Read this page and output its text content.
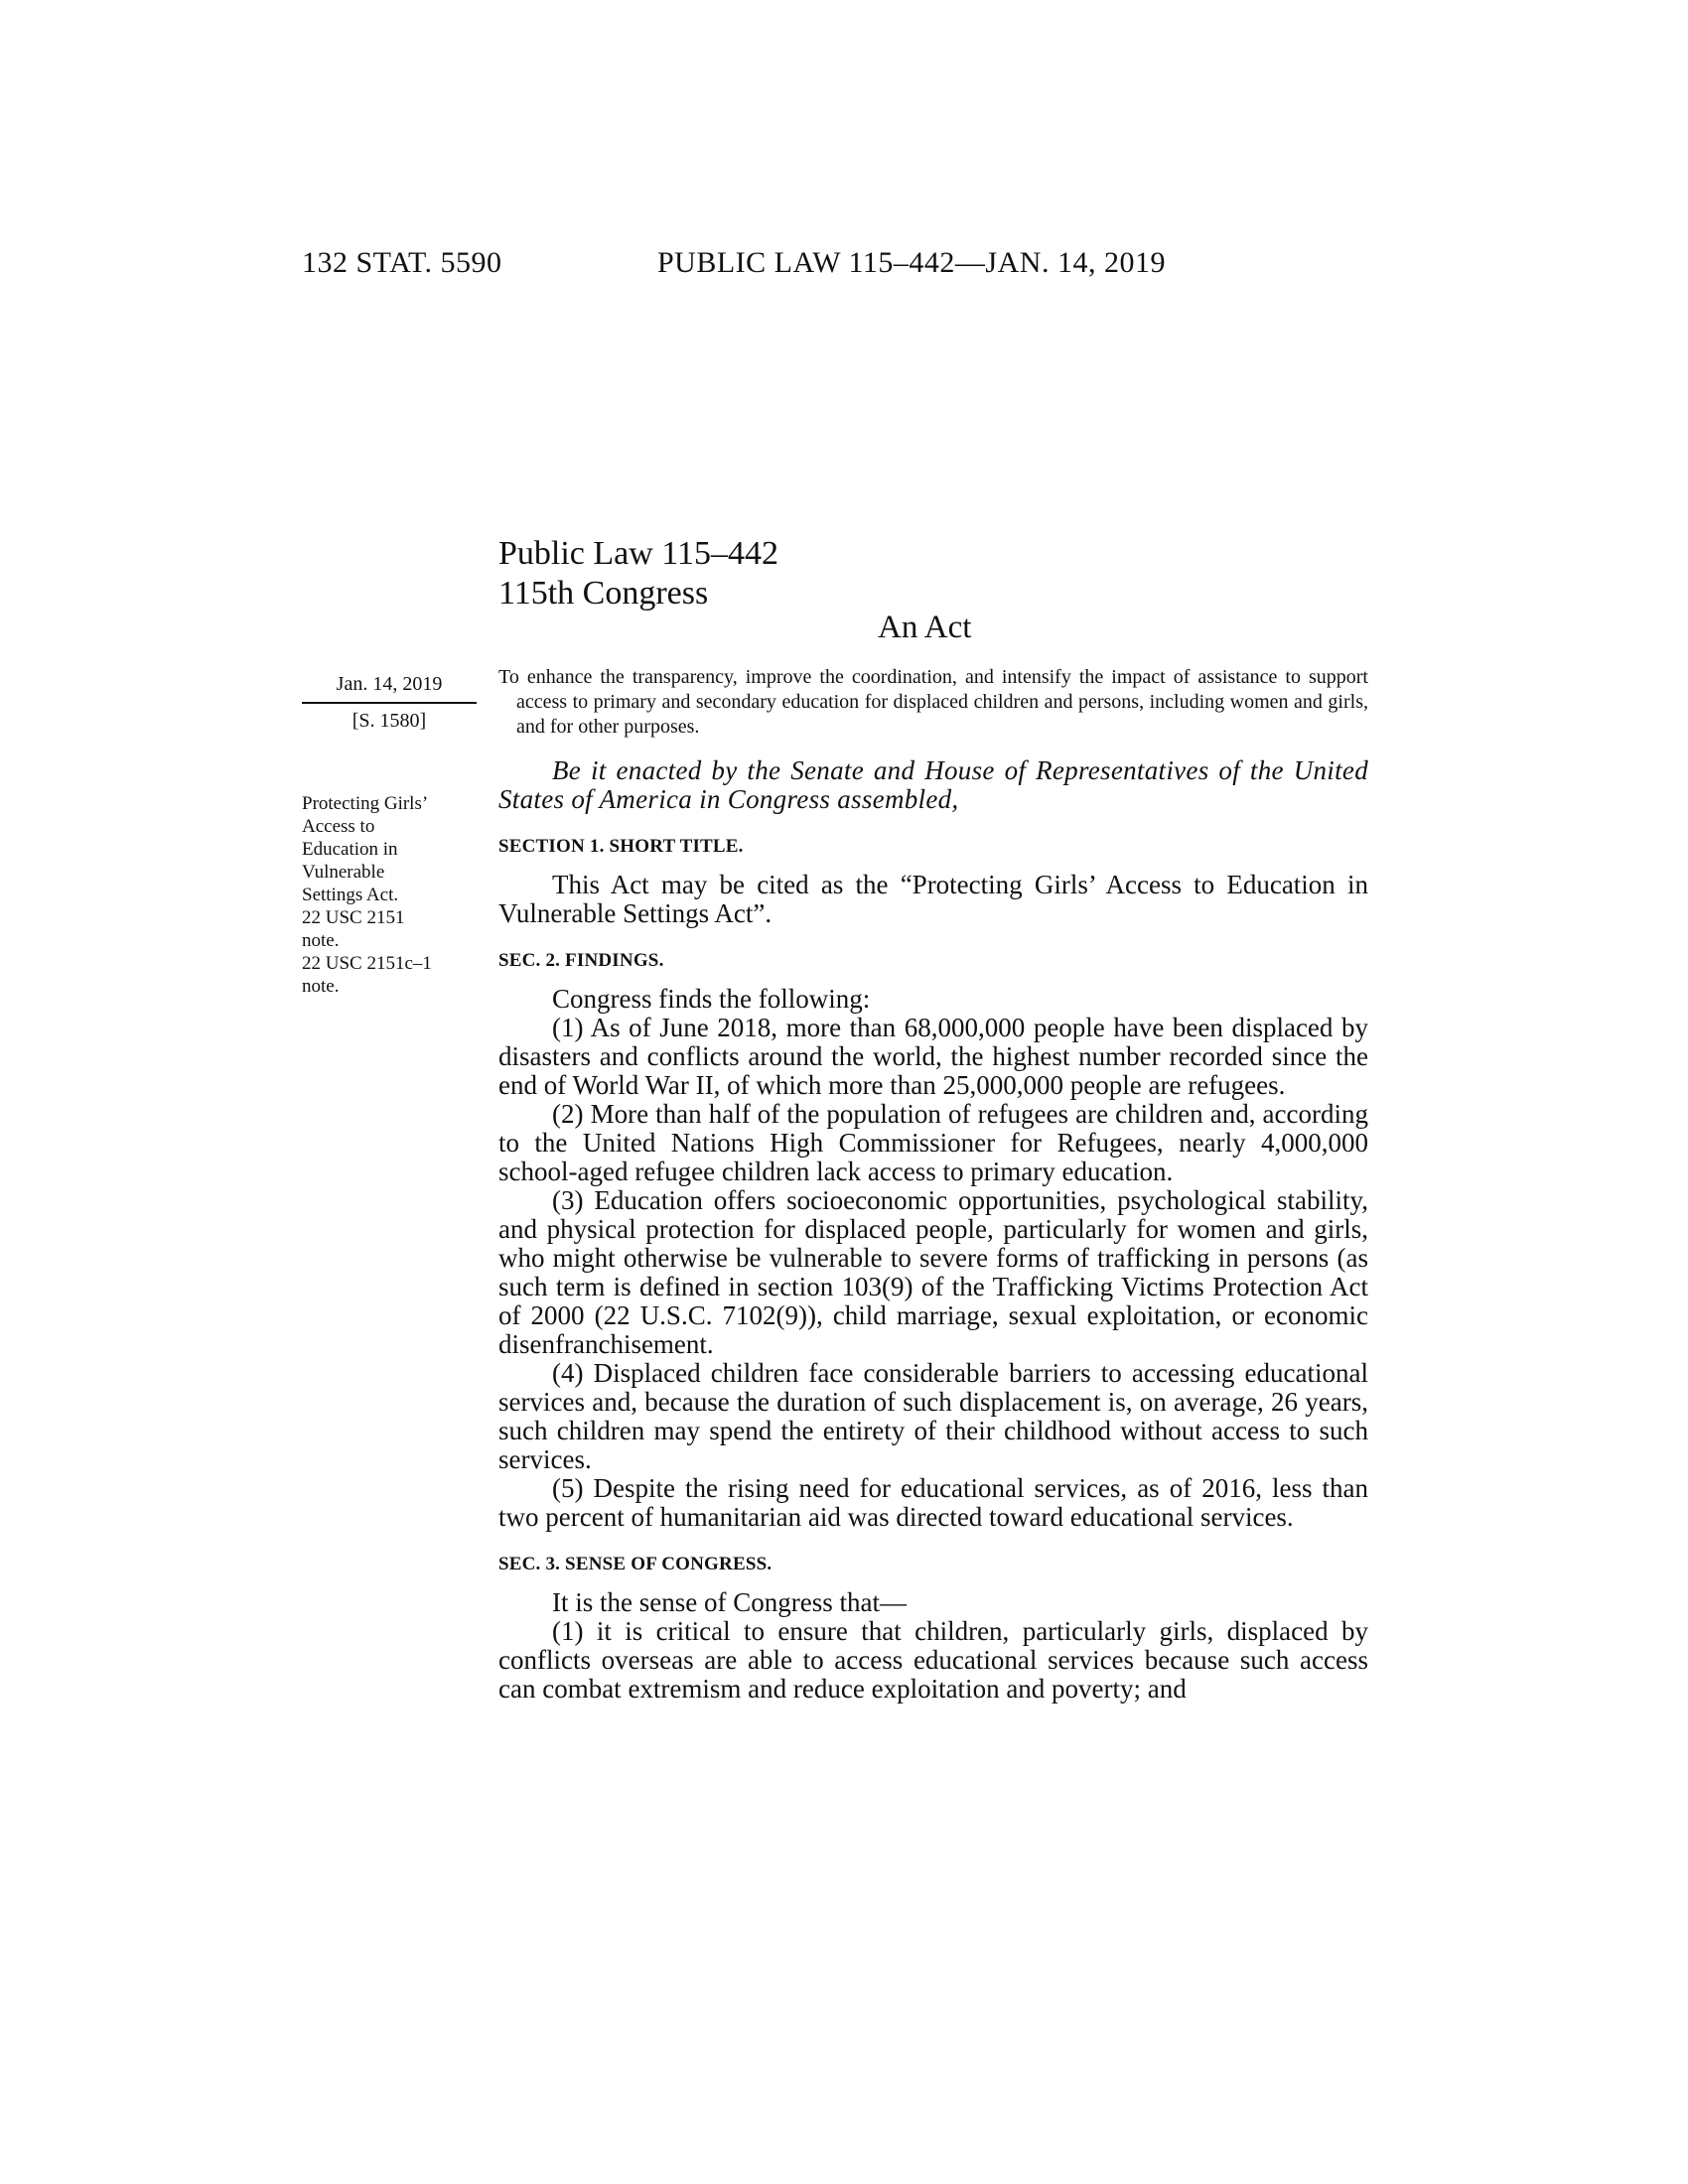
132 STAT. 5590	PUBLIC LAW 115–442—JAN. 14, 2019
Public Law 115–442
115th Congress
An Act
Jan. 14, 2019
[S. 1580]
To enhance the transparency, improve the coordination, and intensify the impact of assistance to support access to primary and secondary education for displaced children and persons, including women and girls, and for other purposes.
Protecting Girls’
Access to
Education in
Vulnerable
Settings Act.
22 USC 2151
note.
22 USC 2151c–1
note.

Be it enacted by the Senate and House of Representatives of the United States of America in Congress assembled,

SECTION 1. SHORT TITLE.

This Act may be cited as the “Protecting Girls’ Access to Education in Vulnerable Settings Act”.

SEC. 2. FINDINGS.

Congress finds the following:

(1) As of June 2018, more than 68,000,000 people have been displaced by disasters and conflicts around the world, the highest number recorded since the end of World War II, of which more than 25,000,000 people are refugees.

(2) More than half of the population of refugees are children and, according to the United Nations High Commissioner for Refugees, nearly 4,000,000 school-aged refugee children lack access to primary education.

(3) Education offers socioeconomic opportunities, psychological stability, and physical protection for displaced people, particularly for women and girls, who might otherwise be vulnerable to severe forms of trafficking in persons (as such term is defined in section 103(9) of the Trafficking Victims Protection Act of 2000 (22 U.S.C. 7102(9)), child marriage, sexual exploitation, or economic disenfranchisement.

(4) Displaced children face considerable barriers to accessing educational services and, because the duration of such displacement is, on average, 26 years, such children may spend the entirety of their childhood without access to such services.

(5) Despite the rising need for educational services, as of 2016, less than two percent of humanitarian aid was directed toward educational services.

SEC. 3. SENSE OF CONGRESS.

It is the sense of Congress that—

(1) it is critical to ensure that children, particularly girls, displaced by conflicts overseas are able to access educational services because such access can combat extremism and reduce exploitation and poverty; and
